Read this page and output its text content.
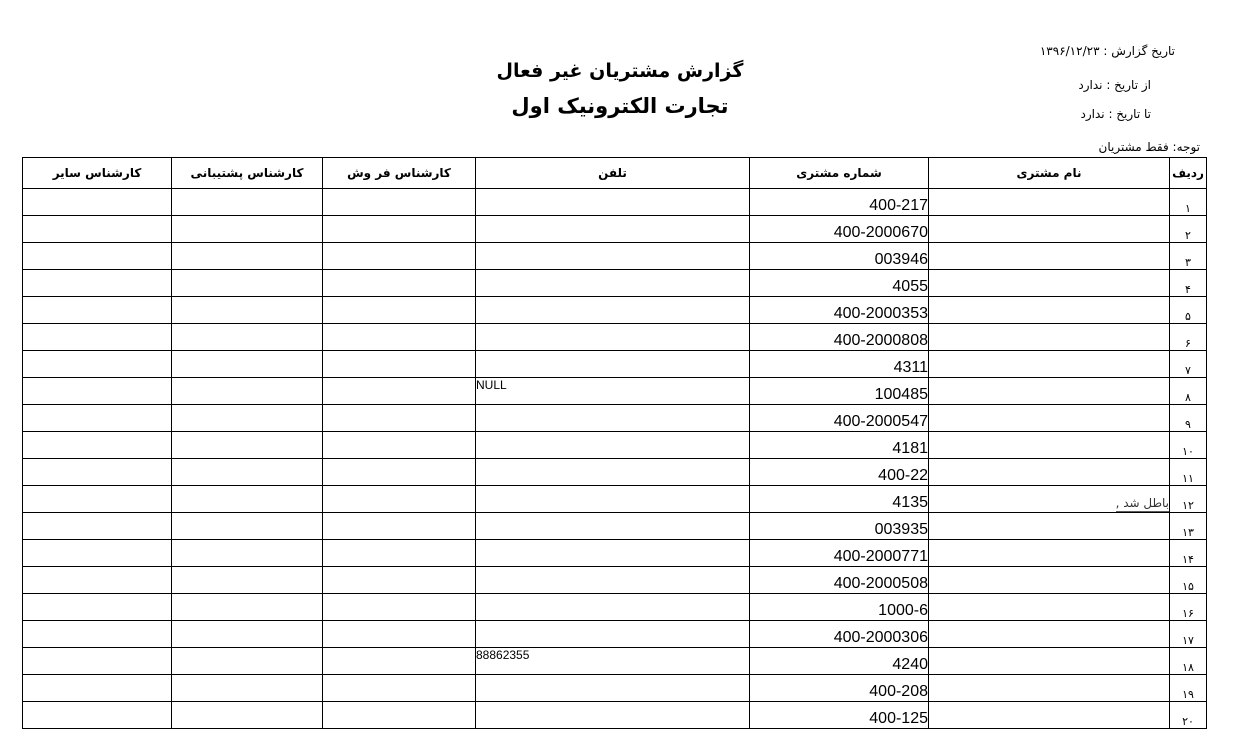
تاریخ گزارش : ۱۳۹۶/۱۲/۲۳
از تاریخ : ندارد
تا تاریخ : ندارد
گزارش مشتریان غیر فعال
تجارت الکترونیک اول
توجه: فقط مشتریان
ردیف	نام مشتری	شماره مشتری	تلفن	کارشناس فر وش	کارشناس پشتیبانی	کارشناس سایر
۱		400-217				
۲		400-2000670				
۳		003946				
۴		4055				
۵		400-2000353				
۶		400-2000808				
۷		4311				
۸		100485	NULL			
۹		400-2000547				
۱۰		4181				
۱۱		400-22				
۱۲	باطل شد ,	4135				
۱۳		003935				
۱۴		400-2000771				
۱۵		400-2000508				
۱۶		1000-6				
۱۷		400-2000306				
۱۸		4240	88862355			
۱۹		400-208				
۲۰		400-125				
